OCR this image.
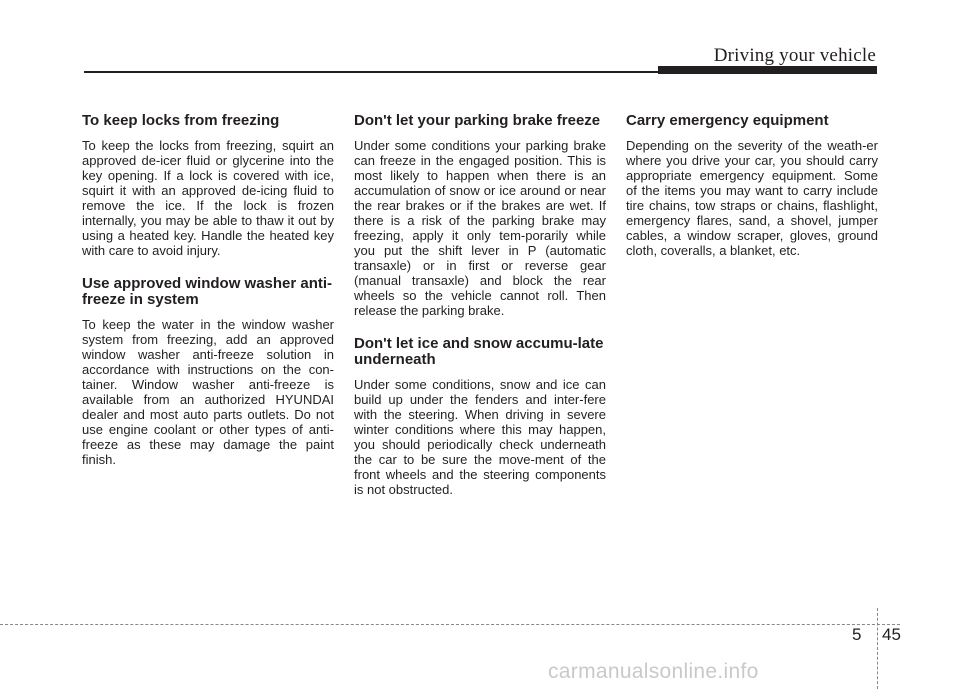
Driving your vehicle

To keep locks from freezing

To keep the locks from freezing, squirt an approved de-icer fluid or glycerine into the key opening. If a lock is covered with ice, squirt it with an approved de-icing fluid to remove the ice. If the lock is frozen internally, you may be able to thaw it out by using a heated key. Handle the heated key with care to avoid injury.

Use approved window washer anti-freeze in system

To keep the water in the window washer system from freezing, add an approved window washer anti-freeze solution in accordance with instructions on the con-tainer. Window washer anti-freeze is available from an authorized HYUNDAI dealer and most auto parts outlets. Do not use engine coolant or other types of anti-freeze as these may damage the paint finish.

Don't let your parking brake freeze

Under some conditions your parking brake can freeze in the engaged position. This is most likely to happen when there is an accumulation of snow or ice around or near the rear brakes or if the brakes are wet. If there is a risk of the parking brake may freezing, apply it only tem-porarily while you put the shift lever in P (automatic transaxle) or in first or reverse gear (manual transaxle) and block the rear wheels so the vehicle cannot roll. Then release the parking brake.

Don't let ice and snow accumu-late underneath

Under some conditions, snow and ice can build up under the fenders and inter-fere with the steering. When driving in severe winter conditions where this may happen, you should periodically check underneath the car to be sure the move-ment of the front wheels and the steering components is not obstructed.

Carry emergency equipment

Depending on the severity of the weath-er where you drive your car, you should carry appropriate emergency equipment. Some of the items you may want to carry include tire chains, tow straps or chains, flashlight, emergency flares, sand, a shovel, jumper cables, a window scraper, gloves, ground cloth, coveralls, a blanket, etc.

5 45
carmanualsonline.info
